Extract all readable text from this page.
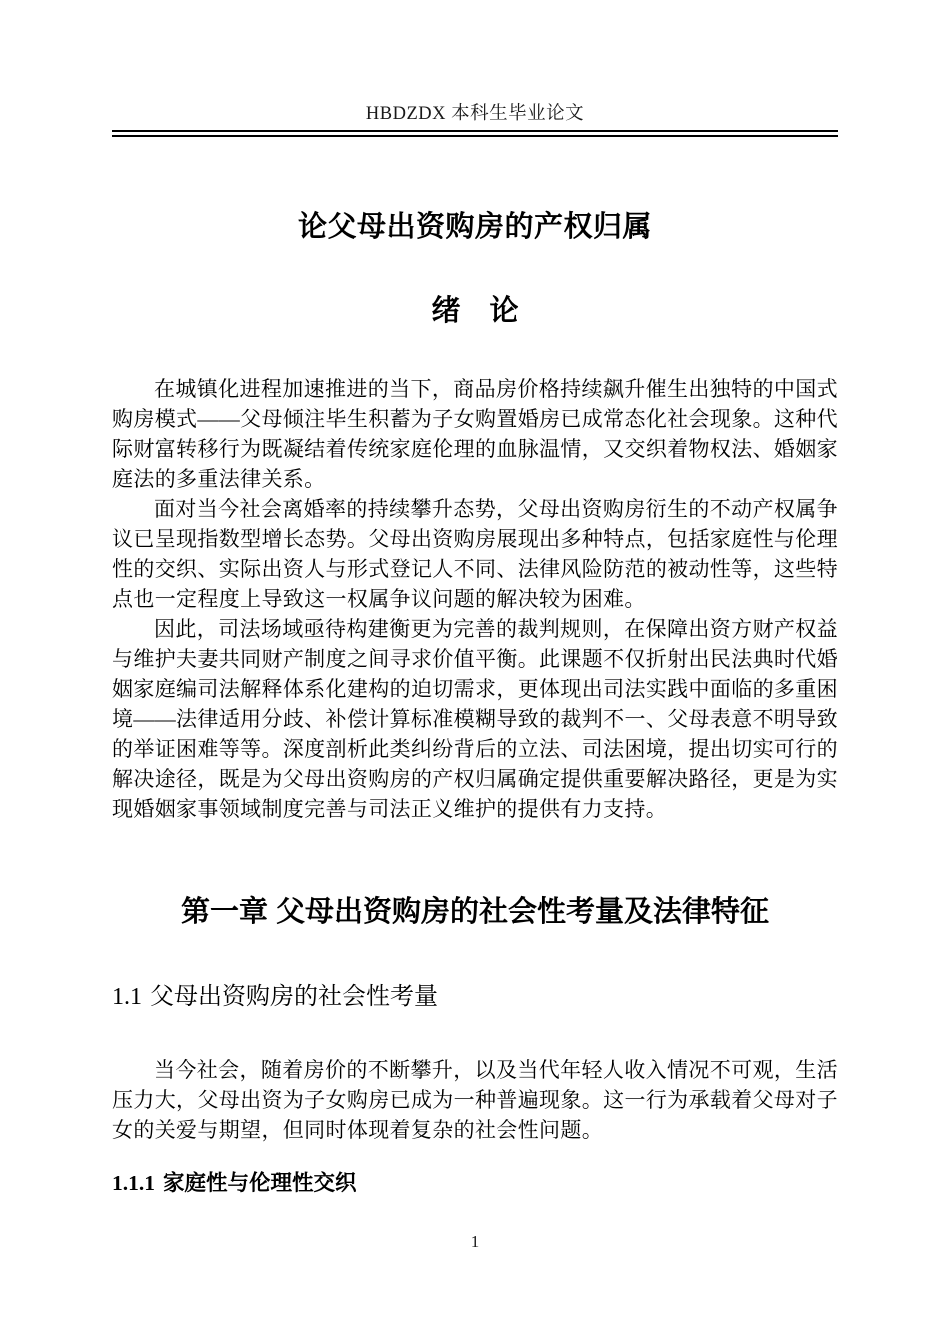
HBDZDX 本科生毕业论文
论父母出资购房的产权归属
绪　论

在城镇化进程加速推进的当下，商品房价格持续飙升催生出独特的中国式购房模式——父母倾注毕生积蓄为子女购置婚房已成常态化社会现象。这种代际财富转移行为既凝结着传统家庭伦理的血脉温情，又交织着物权法、婚姻家庭法的多重法律关系。

面对当今社会离婚率的持续攀升态势，父母出资购房衍生的不动产权属争议已呈现指数型增长态势。父母出资购房展现出多种特点，包括家庭性与伦理性的交织、实际出资人与形式登记人不同、法律风险防范的被动性等，这些特点也一定程度上导致这一权属争议问题的解决较为困难。

因此，司法场域亟待构建衡更为完善的裁判规则，在保障出资方财产权益与维护夫妻共同财产制度之间寻求价值平衡。此课题不仅折射出民法典时代婚姻家庭编司法解释体系化建构的迫切需求，更体现出司法实践中面临的多重困境——法律适用分歧、补偿计算标准模糊导致的裁判不一、父母表意不明导致的举证困难等等。深度剖析此类纠纷背后的立法、司法困境，提出切实可行的解决途径，既是为父母出资购房的产权归属确定提供重要解决路径，更是为实现婚姻家事领域制度完善与司法正义维护的提供有力支持。

第一章 父母出资购房的社会性考量及法律特征
1.1 父母出资购房的社会性考量

当今社会，随着房价的不断攀升，以及当代年轻人收入情况不可观，生活压力大，父母出资为子女购房已成为一种普遍现象。这一行为承载着父母对子女的关爱与期望，但同时体现着复杂的社会性问题。

1.1.1 家庭性与伦理性交织
1
